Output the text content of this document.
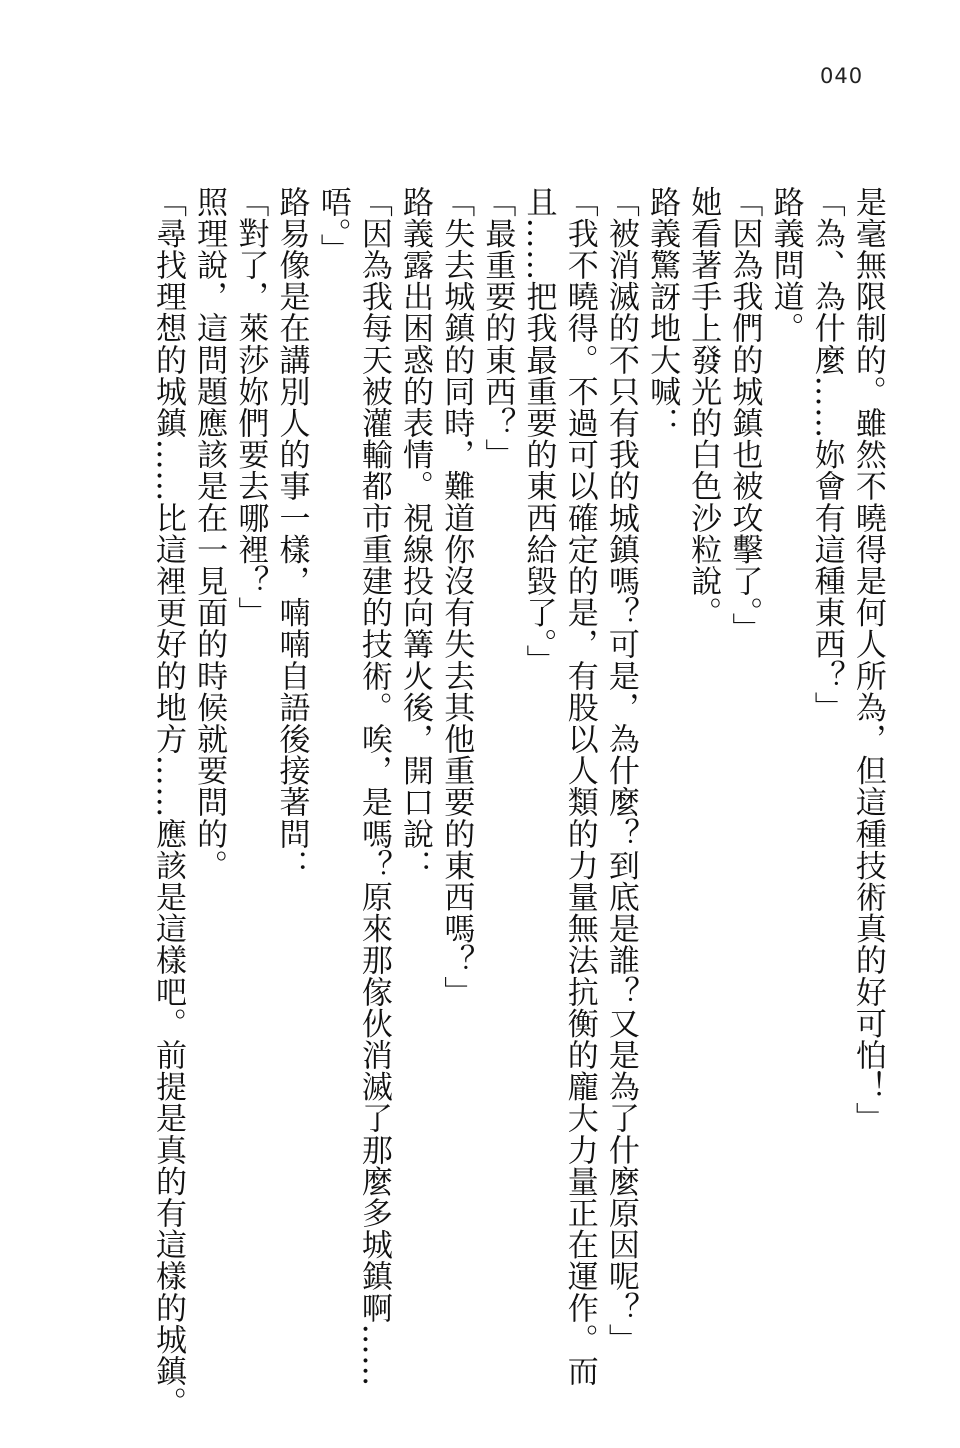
040
是毫無限制的。雖然不曉得是何人所為，但這種技術真的好可怕！」
「為、為什麼……妳會有這種東西？」
路義問道。
「因為我們的城鎮也被攻擊了。」
她看著手上發光的白色沙粒說。
路義驚訝地大喊：
「被消滅的不只有我的城鎮嗎？可是，為什麼？到底是誰？又是為了什麼原因呢？」
「我不曉得。不過可以確定的是，有股以人類的力量無法抗衡的龐大力量正在運作。而
且……把我最重要的東西給毀了。」
「最重要的東西？」
「失去城鎮的同時，難道你沒有失去其他重要的東西嗎？」
路義露出困惑的表情。視線投向篝火後，開口說：
「因為我每天被灌輸都市重建的技術。唉，是嗎？原來那傢伙消滅了那麼多城鎮啊……
唔。」
路易像是在講別人的事一樣，喃喃自語後接著問：
「對了，萊莎妳們要去哪裡？」
照理說，這問題應該是在一見面的時候就要問的。
「尋找理想的城鎮……比這裡更好的地方……應該是這樣吧。前提是真的有這樣的城鎮。
